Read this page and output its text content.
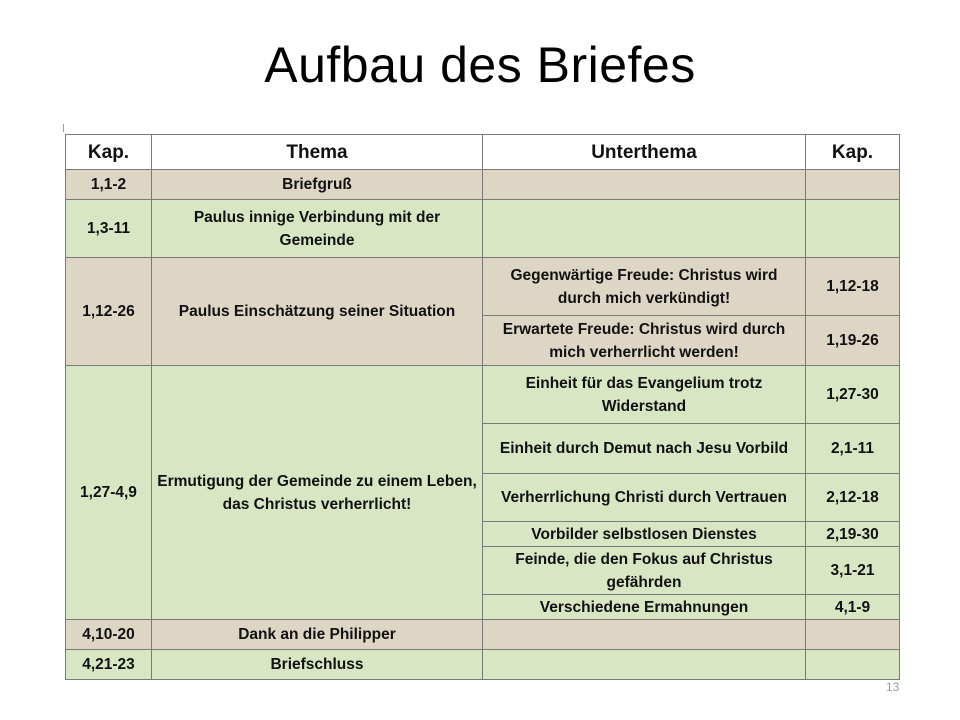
Aufbau des Briefes
Kap.	Thema	Unterthema	Kap.
1,1-2	Briefgruß		
1,3-11	Paulus innige Verbindung mit der Gemeinde		
1,12-26	Paulus Einschätzung seiner Situation	Gegenwärtige Freude: Christus wird durch mich verkündigt!	1,12-18
		Erwartete Freude: Christus wird durch mich verherrlicht werden!	1,19-26
1,27-4,9	Ermutigung der Gemeinde zu einem Leben, das Christus verherrlicht!	Einheit für das Evangelium trotz Widerstand	1,27-30
		Einheit durch Demut nach Jesu Vorbild	2,1-11
		Verherrlichung Christi durch Vertrauen	2,12-18
		Vorbilder selbstlosen Dienstes	2,19-30
		Feinde, die den Fokus auf Christus gefährden	3,1-21
		Verschiedene Ermahnungen	4,1-9
4,10-20	Dank an die Philipper		
4,21-23	Briefschluss		
13
